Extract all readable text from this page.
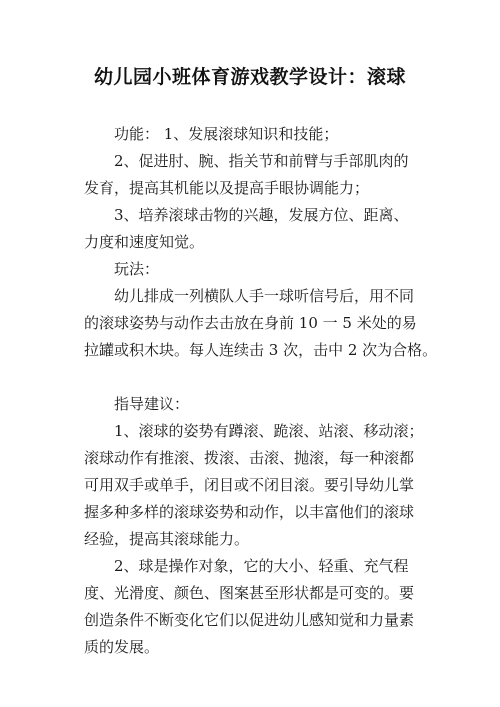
幼儿园小班体育游戏教学设计：滚球
功能： 1、发展滚球知识和技能；
2、促进肘、腕、指关节和前臂与手部肌肉的
发育，提高其机能以及提高手眼协调能力；
3、培养滚球击物的兴趣，发展方位、距离、
力度和速度知觉。
玩法：
幼儿排成一列横队人手一球听信号后，用不同
的滚球姿势与动作去击放在身前 10 一 5 米处的易
拉罐或积木块。每人连续击 3 次，击中 2 次为合格。
指导建议：
1、滚球的姿势有蹲滚、跪滚、站滚、移动滚；
滚球动作有推滚、拨滚、击滚、抛滚，每一种滚都
可用双手或单手，闭目或不闭目滚。要引导幼儿掌
握多种多样的滚球姿势和动作，以丰富他们的滚球
经验，提高其滚球能力。
2、球是操作对象，它的大小、轻重、充气程
度、光滑度、颜色、图案甚至形状都是可变的。要
创造条件不断变化它们以促进幼儿感知觉和力量素
质的发展。
